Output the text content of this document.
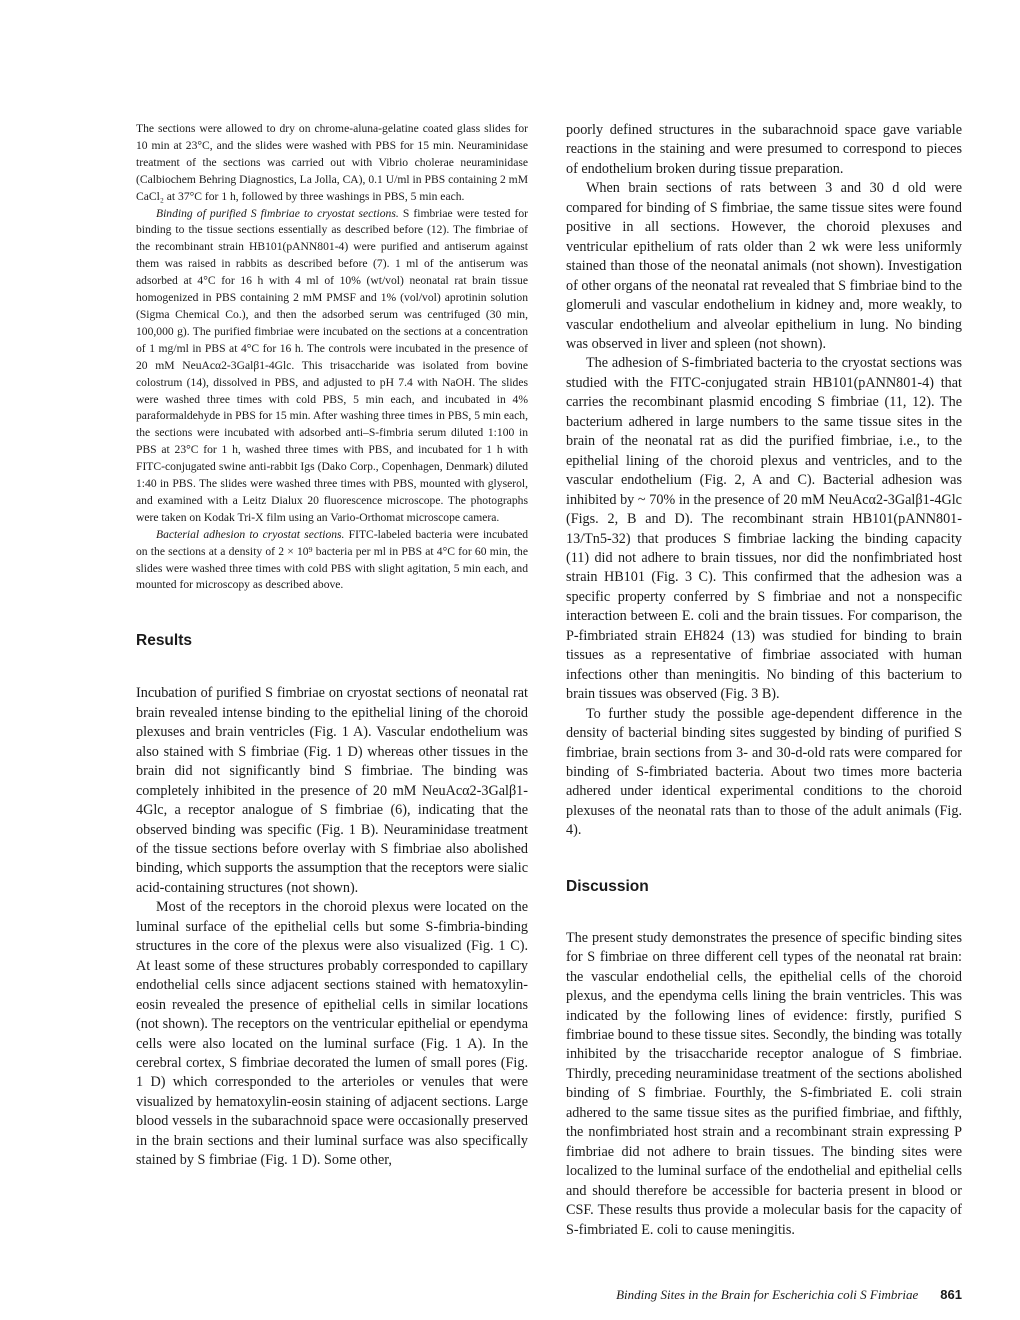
The sections were allowed to dry on chrome-aluna-gelatine coated glass slides for 10 min at 23°C, and the slides were washed with PBS for 15 min. Neuraminidase treatment of the sections was carried out with Vibrio cholerae neuraminidase (Calbiochem Behring Diagnostics, La Jolla, CA), 0.1 U/ml in PBS containing 2 mM CaCl₂ at 37°C for 1 h, followed by three washings in PBS, 5 min each.

Binding of purified S fimbriae to cryostat sections. S fimbriae were tested for binding to the tissue sections essentially as described before (12). The fimbriae of the recombinant strain HB101(pANN801-4) were purified and antiserum against them was raised in rabbits as described before (7). 1 ml of the antiserum was adsorbed at 4°C for 16 h with 4 ml of 10% (wt/vol) neonatal rat brain tissue homogenized in PBS containing 2 mM PMSF and 1% (vol/vol) aprotinin solution (Sigma Chemical Co.), and then the adsorbed serum was centrifuged (30 min, 100,000 g). The purified fimbriae were incubated on the sections at a concentration of 1 mg/ml in PBS at 4°C for 16 h. The controls were incubated in the presence of 20 mM NeuAcα2-3Galβ1-4Glc. This trisaccharide was isolated from bovine colostrum (14), dissolved in PBS, and adjusted to pH 7.4 with NaOH. The slides were washed three times with cold PBS, 5 min each, and incubated in 4% paraformaldehyde in PBS for 15 min. After washing three times in PBS, 5 min each, the sections were incubated with adsorbed anti–S-fimbria serum diluted 1:100 in PBS at 23°C for 1 h, washed three times with PBS, and incubated for 1 h with FITC-conjugated swine anti-rabbit Igs (Dako Corp., Copenhagen, Denmark) diluted 1:40 in PBS. The slides were washed three times with PBS, mounted with glyserol, and examined with a Leitz Dialux 20 fluorescence microscope. The photographs were taken on Kodak Tri-X film using an Vario-Orthomat microscope camera.

Bacterial adhesion to cryostat sections. FITC-labeled bacteria were incubated on the sections at a density of 2 × 10⁹ bacteria per ml in PBS at 4°C for 60 min, the slides were washed three times with cold PBS with slight agitation, 5 min each, and mounted for microscopy as described above.

Results

Incubation of purified S fimbriae on cryostat sections of neonatal rat brain revealed intense binding to the epithelial lining of the choroid plexuses and brain ventricles (Fig. 1 A). Vascular endothelium was also stained with S fimbriae (Fig. 1 D) whereas other tissues in the brain did not significantly bind S fimbriae. The binding was completely inhibited in the presence of 20 mM NeuAcα2-3Galβ1-4Glc, a receptor analogue of S fimbriae (6), indicating that the observed binding was specific (Fig. 1 B). Neuraminidase treatment of the tissue sections before overlay with S fimbriae also abolished binding, which supports the assumption that the receptors were sialic acid-containing structures (not shown).

Most of the receptors in the choroid plexus were located on the luminal surface of the epithelial cells but some S-fimbria-binding structures in the core of the plexus were also visualized (Fig. 1 C). At least some of these structures probably corresponded to capillary endothelial cells since adjacent sections stained with hematoxylin-eosin revealed the presence of epithelial cells in similar locations (not shown). The receptors on the ventricular epithelial or ependyma cells were also located on the luminal surface (Fig. 1 A). In the cerebral cortex, S fimbriae decorated the lumen of small pores (Fig. 1 D) which corresponded to the arterioles or venules that were visualized by hematoxylin-eosin staining of adjacent sections. Large blood vessels in the subarachnoid space were occasionally preserved in the brain sections and their luminal surface was also specifically stained by S fimbriae (Fig. 1 D). Some other,

poorly defined structures in the subarachnoid space gave variable reactions in the staining and were presumed to correspond to pieces of endothelium broken during tissue preparation.

When brain sections of rats between 3 and 30 d old were compared for binding of S fimbriae, the same tissue sites were found positive in all sections. However, the choroid plexuses and ventricular epithelium of rats older than 2 wk were less uniformly stained than those of the neonatal animals (not shown). Investigation of other organs of the neonatal rat revealed that S fimbriae bind to the glomeruli and vascular endothelium in kidney and, more weakly, to vascular endothelium and alveolar epithelium in lung. No binding was observed in liver and spleen (not shown).

The adhesion of S-fimbriated bacteria to the cryostat sections was studied with the FITC-conjugated strain HB101(pANN801-4) that carries the recombinant plasmid encoding S fimbriae (11, 12). The bacterium adhered in large numbers to the same tissue sites in the brain of the neonatal rat as did the purified fimbriae, i.e., to the epithelial lining of the choroid plexus and ventricles, and to the vascular endothelium (Fig. 2, A and C). Bacterial adhesion was inhibited by ~ 70% in the presence of 20 mM NeuAcα2-3Galβ1-4Glc (Figs. 2, B and D). The recombinant strain HB101(pANN801-13/Tn5-32) that produces S fimbriae lacking the binding capacity (11) did not adhere to brain tissues, nor did the nonfimbriated host strain HB101 (Fig. 3 C). This confirmed that the adhesion was a specific property conferred by S fimbriae and not a nonspecific interaction between E. coli and the brain tissues. For comparison, the P-fimbriated strain EH824 (13) was studied for binding to brain tissues as a representative of fimbriae associated with human infections other than meningitis. No binding of this bacterium to brain tissues was observed (Fig. 3 B).

To further study the possible age-dependent difference in the density of bacterial binding sites suggested by binding of purified S fimbriae, brain sections from 3- and 30-d-old rats were compared for binding of S-fimbriated bacteria. About two times more bacteria adhered under identical experimental conditions to the choroid plexuses of the neonatal rats than to those of the adult animals (Fig. 4).

Discussion

The present study demonstrates the presence of specific binding sites for S fimbriae on three different cell types of the neonatal rat brain: the vascular endothelial cells, the epithelial cells of the choroid plexus, and the ependyma cells lining the brain ventricles. This was indicated by the following lines of evidence: firstly, purified S fimbriae bound to these tissue sites. Secondly, the binding was totally inhibited by the trisaccharide receptor analogue of S fimbriae. Thirdly, preceding neuraminidase treatment of the sections abolished binding of S fimbriae. Fourthly, the S-fimbriated E. coli strain adhered to the same tissue sites as the purified fimbriae, and fifthly, the nonfimbriated host strain and a recombinant strain expressing P fimbriae did not adhere to brain tissues. The binding sites were localized to the luminal surface of the endothelial and epithelial cells and should therefore be accessible for bacteria present in blood or CSF. These results thus provide a molecular basis for the capacity of S-fimbriated E. coli to cause meningitis.

Binding Sites in the Brain for Escherichia coli S Fimbriae 861
